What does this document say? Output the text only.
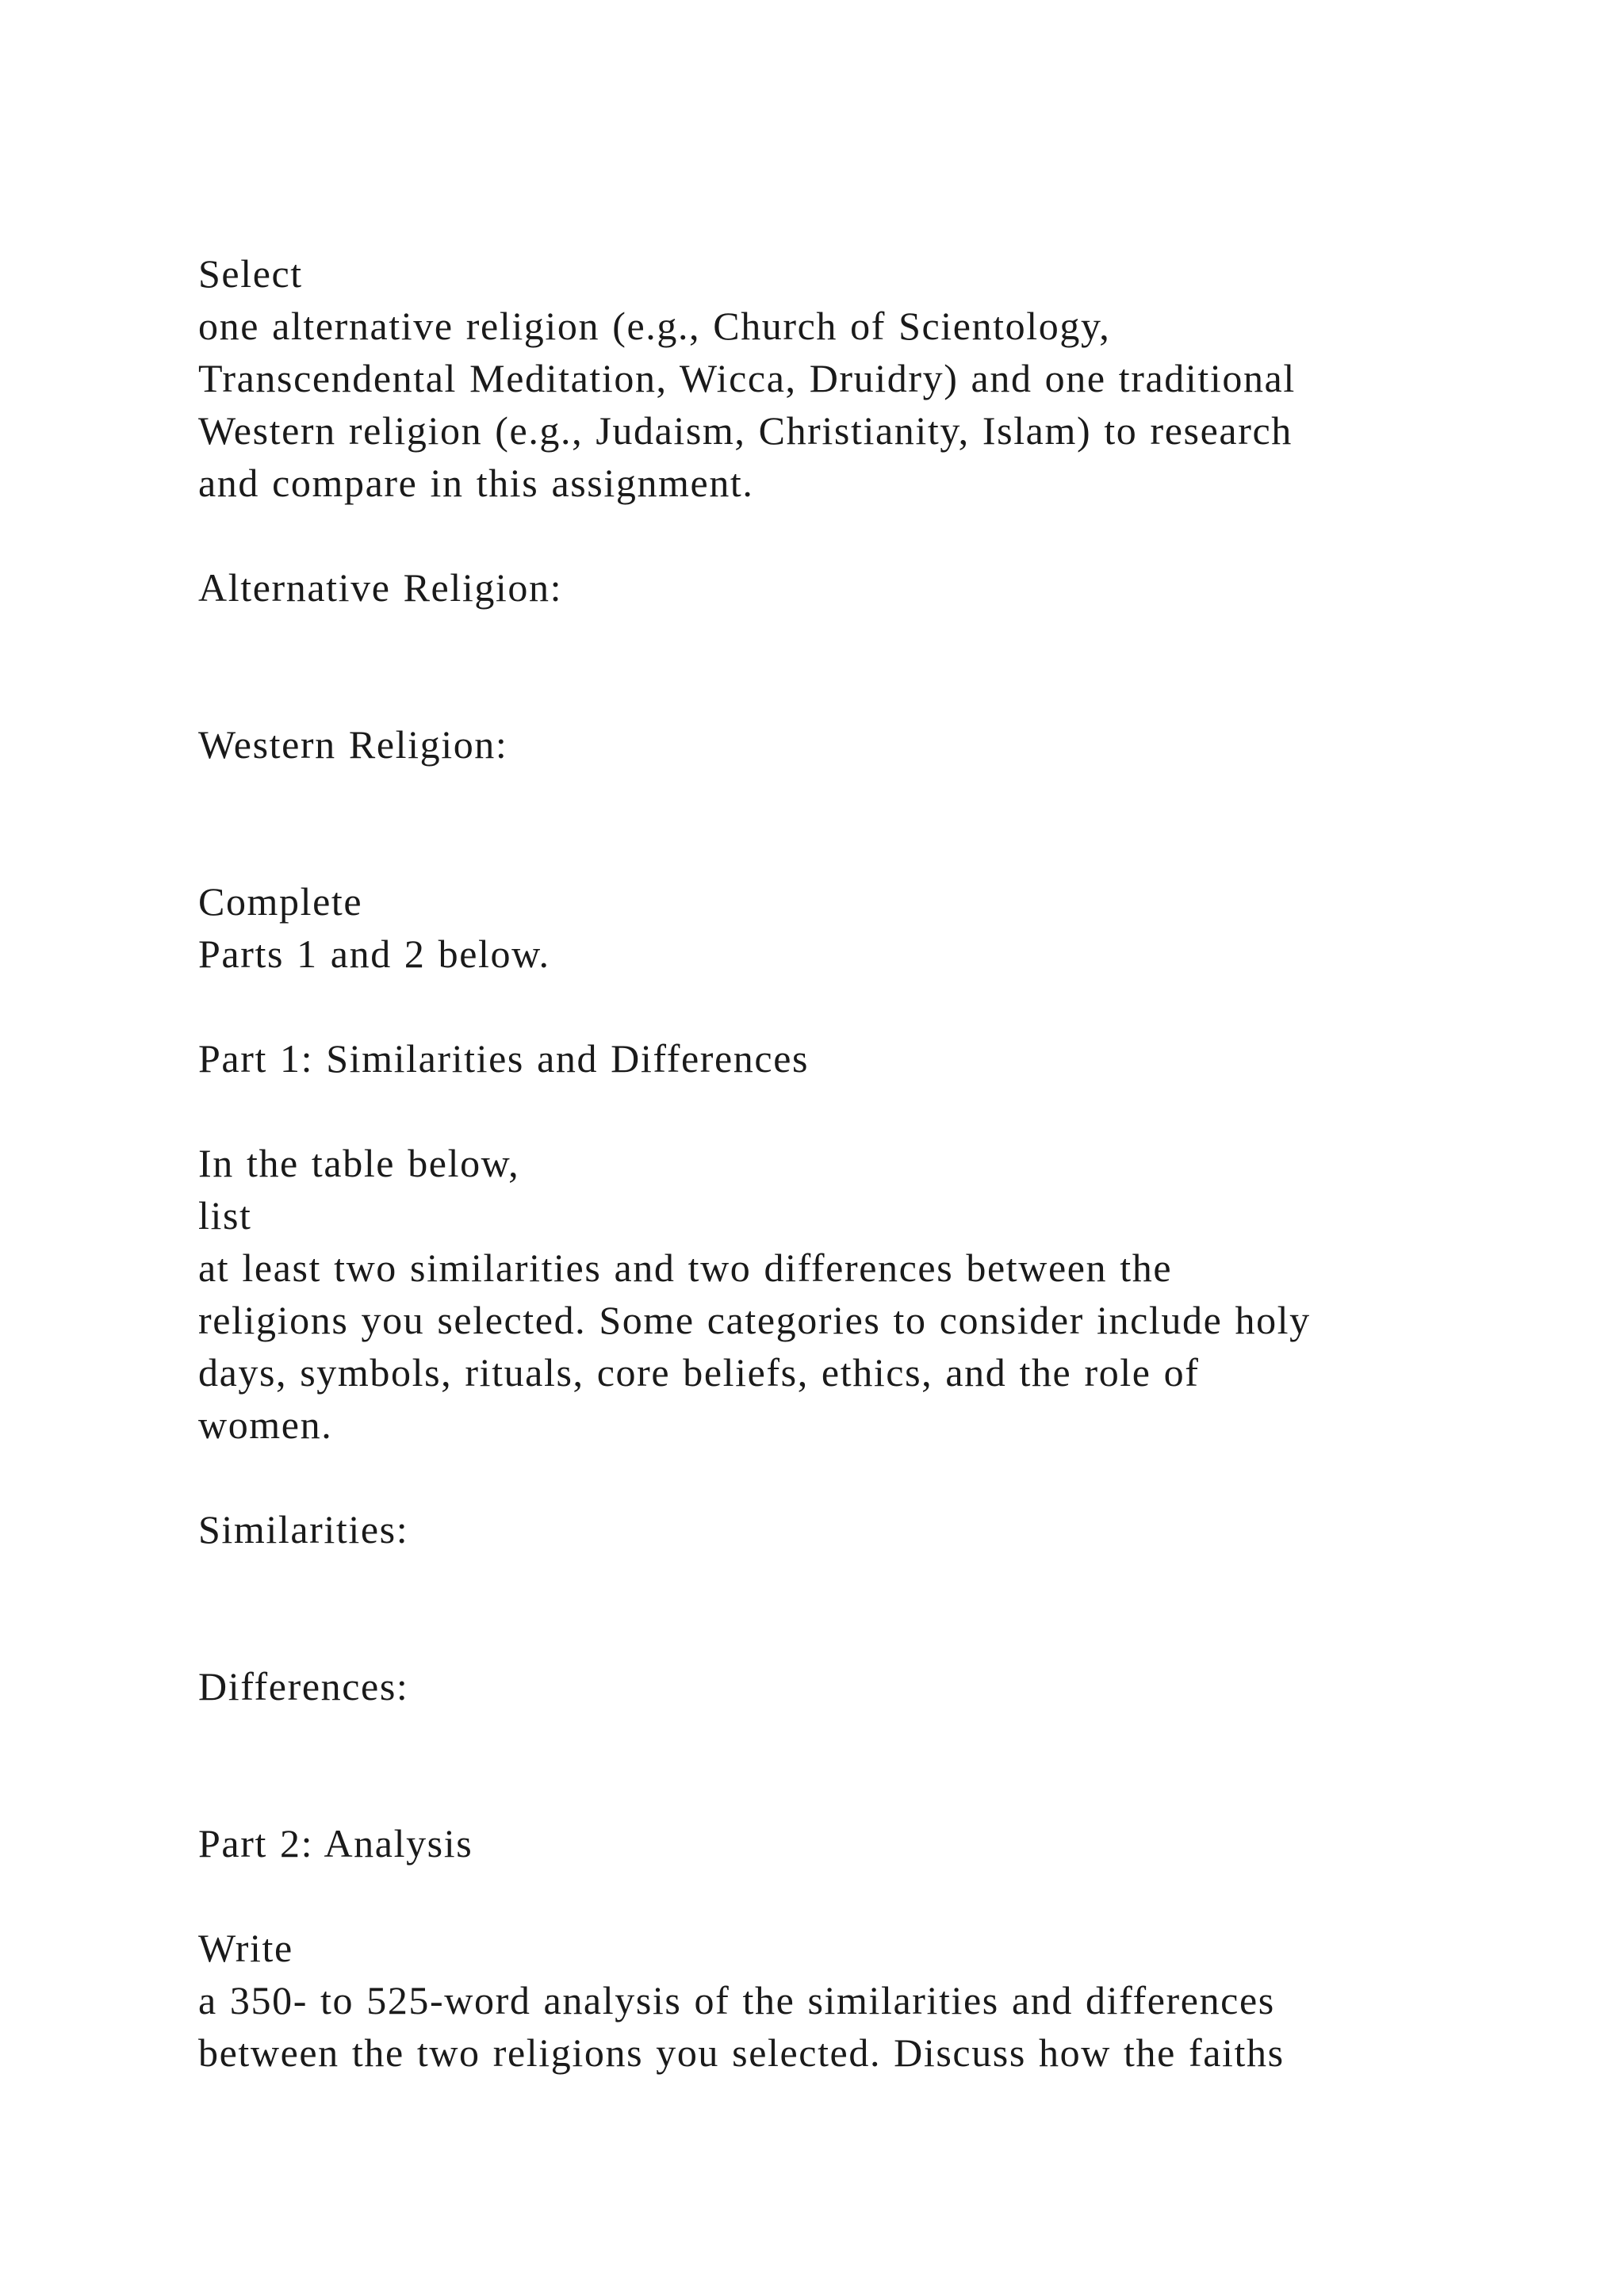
Select
one alternative religion (e.g., Church of Scientology,
Transcendental Meditation, Wicca, Druidry) and one traditional
Western religion (e.g., Judaism, Christianity, Islam) to research
and compare in this assignment.
Alternative Religion:
Western Religion:
Complete
Parts 1 and 2 below.
Part 1: Similarities and Differences
In the table below,
list
at least two similarities and two differences between the
religions you selected. Some categories to consider include holy
days, symbols, rituals, core beliefs, ethics, and the role of
women.
Similarities:
Differences:
Part 2: Analysis
Write
a 350- to 525-word analysis of the similarities and differences
between the two religions you selected. Discuss how the faiths
